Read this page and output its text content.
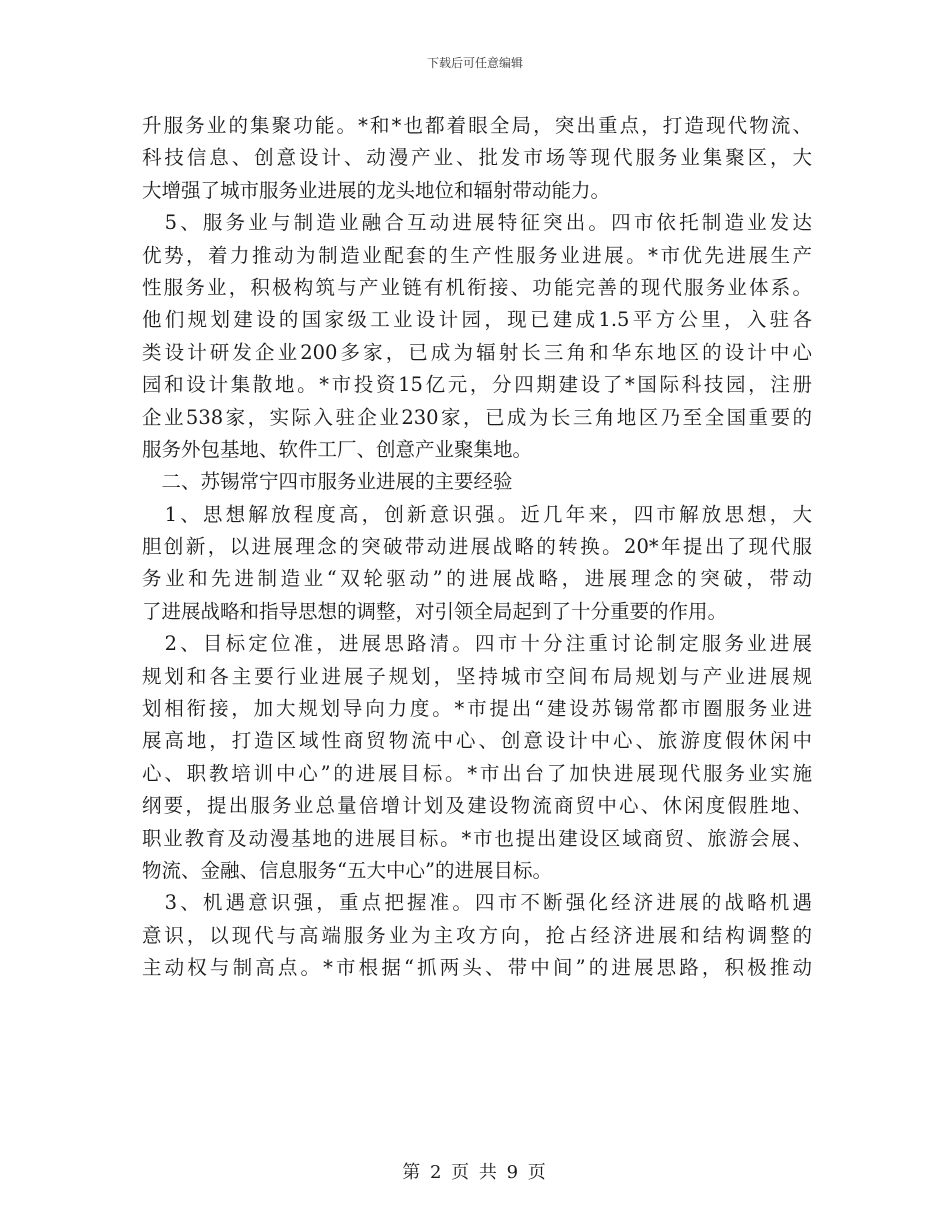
下载后可任意编辑
升服务业的集聚功能。*和*也都着眼全局，突出重点，打造现代物流、
科技信息、创意设计、动漫产业、批发市场等现代服务业集聚区，大
大增强了城市服务业进展的龙头地位和辐射带动能力。
　5、服务业与制造业融合互动进展特征突出。四市依托制造业发达
优势，着力推动为制造业配套的生产性服务业进展。*市优先进展生产
性服务业，积极构筑与产业链有机衔接、功能完善的现代服务业体系。
他们规划建设的国家级工业设计园，现已建成1.5平方公里，入驻各
类设计研发企业200多家，已成为辐射长三角和华东地区的设计中心
园和设计集散地。*市投资15亿元，分四期建设了*国际科技园，注册
企业538家，实际入驻企业230家，已成为长三角地区乃至全国重要的
服务外包基地、软件工厂、创意产业聚集地。
　二、苏锡常宁四市服务业进展的主要经验
　1、思想解放程度高，创新意识强。近几年来，四市解放思想，大
胆创新，以进展理念的突破带动进展战略的转换。20*年提出了现代服
务业和先进制造业“双轮驱动”的进展战略，进展理念的突破，带动
了进展战略和指导思想的调整，对引领全局起到了十分重要的作用。
　2、目标定位准，进展思路清。四市十分注重讨论制定服务业进展
规划和各主要行业进展子规划，坚持城市空间布局规划与产业进展规
划相衔接，加大规划导向力度。*市提出“建设苏锡常都市圈服务业进
展高地，打造区域性商贸物流中心、创意设计中心、旅游度假休闲中
心、职教培训中心”的进展目标。*市出台了加快进展现代服务业实施
纲要，提出服务业总量倍增计划及建设物流商贸中心、休闲度假胜地、
职业教育及动漫基地的进展目标。*市也提出建设区域商贸、旅游会展、
物流、金融、信息服务“五大中心”的进展目标。
　3、机遇意识强，重点把握准。四市不断强化经济进展的战略机遇
意识，以现代与高端服务业为主攻方向，抢占经济进展和结构调整的
主动权与制高点。*市根据“抓两头、带中间”的进展思路，积极推动
第 2 页 共 9 页
